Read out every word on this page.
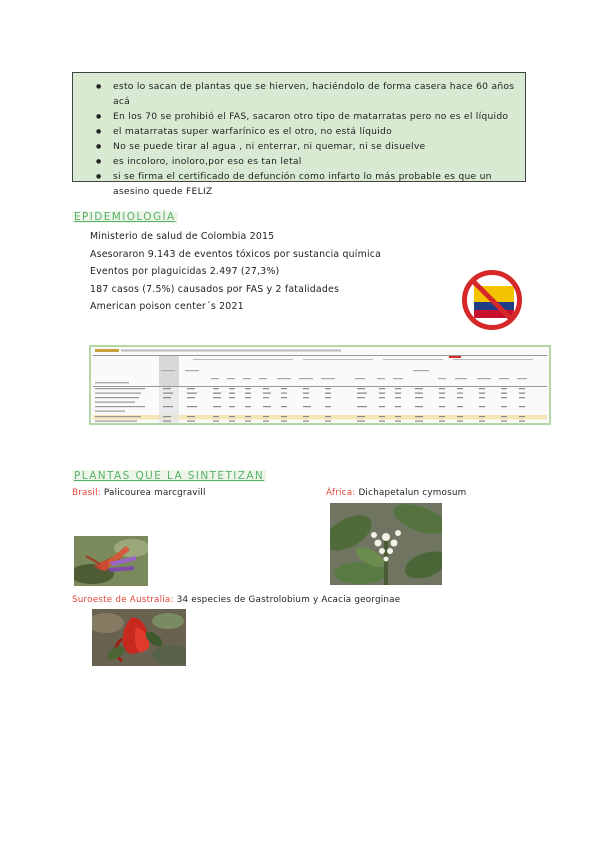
● esto lo sacan de plantas que se hierven, haciéndolo de forma casera hace 60 años acá
● En los 70 se prohibió el FAS, sacaron otro tipo de matarratas pero no es el líquido
● el matarratas super warfarínico es el otro, no está líquido
● No se puede tirar al agua , ni enterrar, ni quemar, ni se disuelve
● es incoloro, inoloro,por eso es tan letal
● si se firma el certificado de defunción como infarto lo más probable es que un asesino quede FELIZ
EPIDEMIOLOGÍA
Ministerio de salud de Colombia 2015
Asesoraron 9.143 de eventos tóxicos por sustancia química
Eventos por plaguicidas 2.497 (27,3%)
187 casos (7.5%) causados por FAS y 2 fatalidades
American poison center´s 2021
PLANTAS QUE LA SINTETIZAN
Brasil: Palicourea marcgravill	África: Dichapetalun cymosum
Suroeste de Australia: 34 especies de Gastrolobium y Acacia georginae
